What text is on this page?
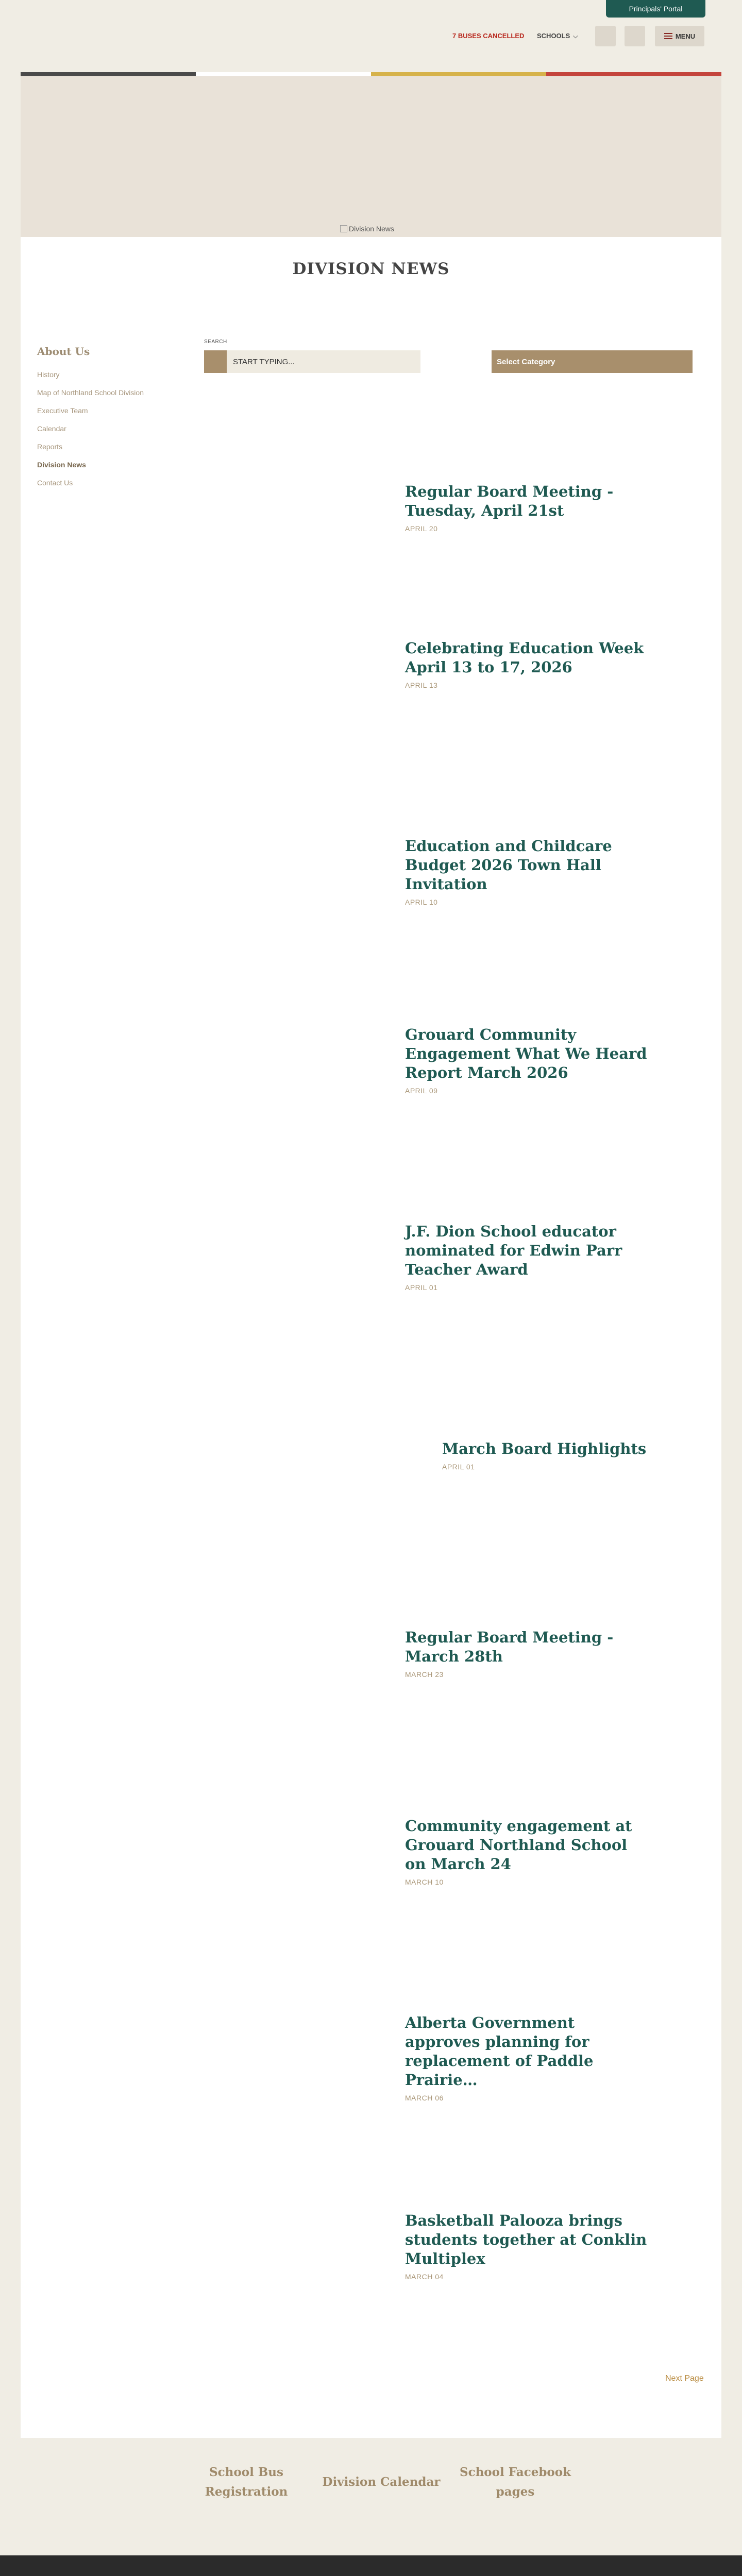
Principals' Portal
7 BUSES CANCELLED SCHOOLS ⌵	MENU
Division News
DIVISION NEWS
About Us
History
Map of Northland School Division
Executive Team
Calendar
Reports
Division News
Contact Us
SEARCH
START TYPING...
Select Category
Regular Board Meeting - Tuesday, April 21st
APRIL 20
Celebrating Education Week April 13 to 17, 2026
APRIL 13
Education and Childcare Budget 2026 Town Hall Invitation
APRIL 10
Grouard Community Engagement What We Heard Report March 2026
APRIL 09
J.F. Dion School educator nominated for Edwin Parr Teacher Award
APRIL 01
March Board Highlights
APRIL 01
Regular Board Meeting - March 28th
MARCH 23
Community engagement at Grouard Northland School on March 24
MARCH 10
Alberta Government approves planning for replacement of Paddle Prairie…
MARCH 06
Basketball Palooza brings students together at Conklin Multiplex
MARCH 04
Next Page
School Bus Registration
Division Calendar
School Facebook pages
